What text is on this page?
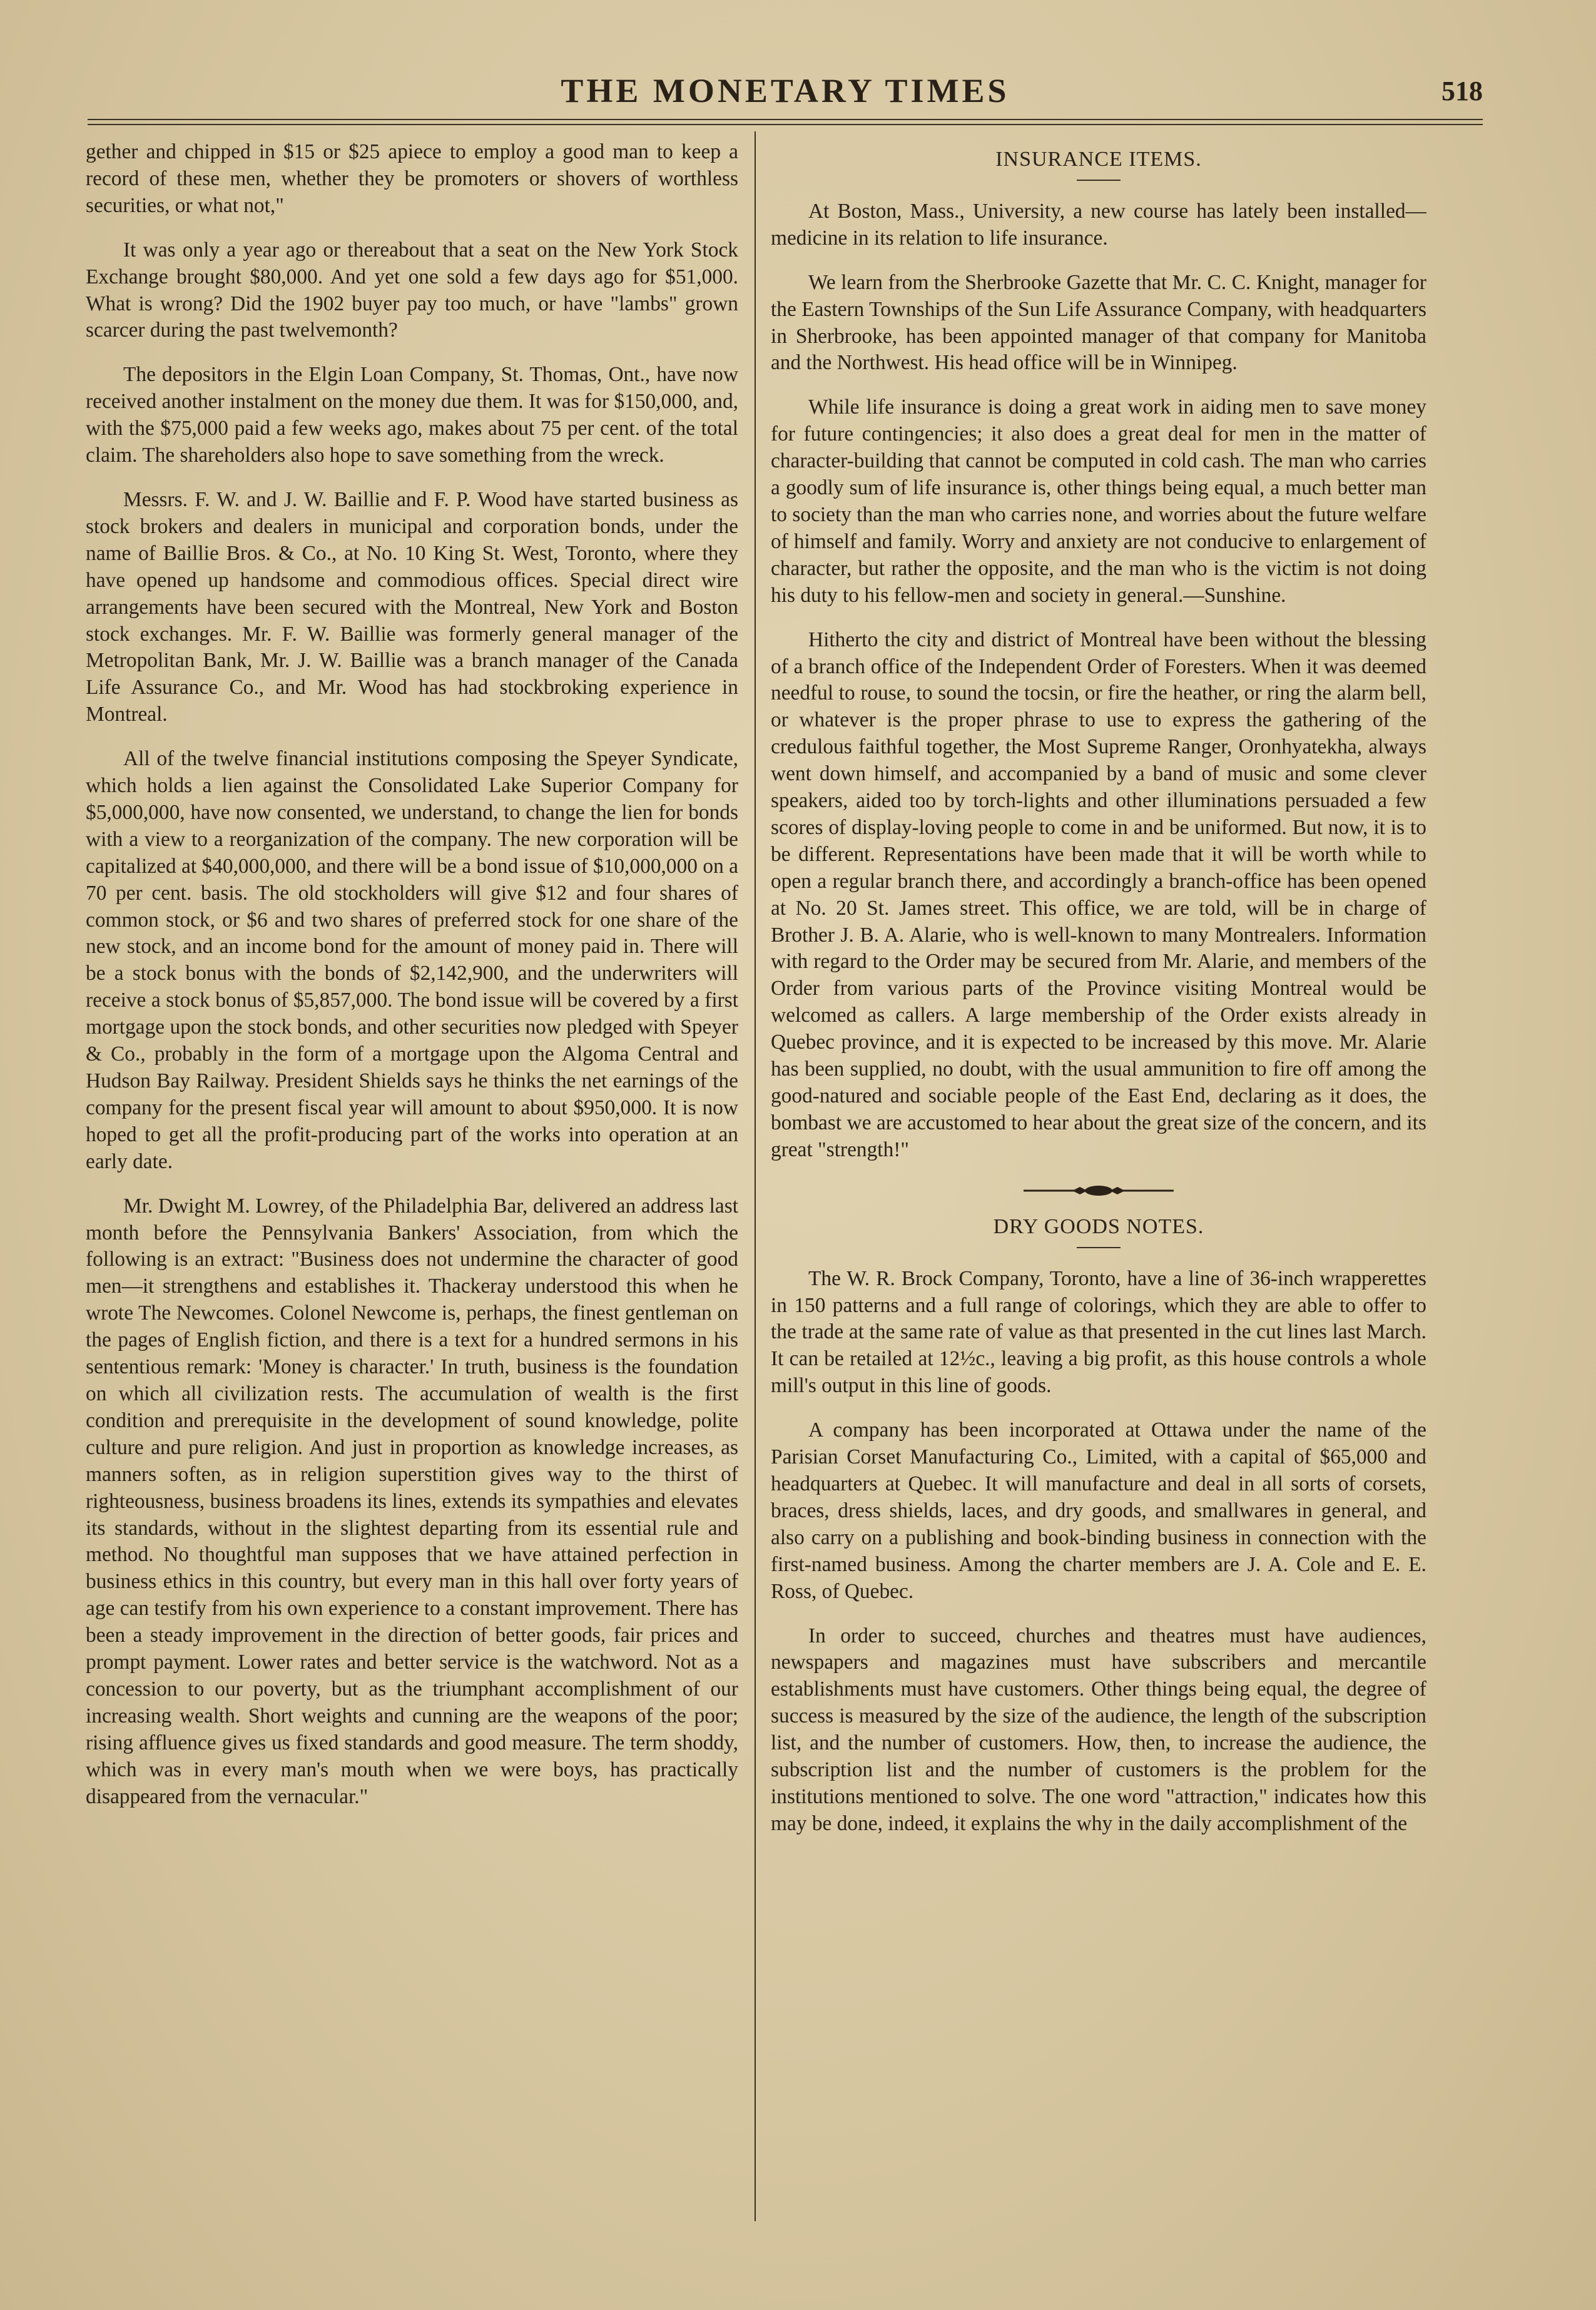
THE MONETARY TIMES	518

gether and chipped in $15 or $25 apiece to employ a good man to keep a record of these men, whether they be promoters or shovers of worthless securities, or what not,"

It was only a year ago or thereabout that a seat on the New York Stock Exchange brought $80,000. And yet one sold a few days ago for $51,000. What is wrong? Did the 1902 buyer pay too much, or have "lambs" grown scarcer during the past twelvemonth?

The depositors in the Elgin Loan Company, St. Thomas, Ont., have now received another instalment on the money due them. It was for $150,000, and, with the $75,000 paid a few weeks ago, makes about 75 per cent. of the total claim. The shareholders also hope to save something from the wreck.

Messrs. F. W. and J. W. Baillie and F. P. Wood have started business as stock brokers and dealers in municipal and corporation bonds, under the name of Baillie Bros. & Co., at No. 10 King St. West, Toronto, where they have opened up handsome and commodious offices. Special direct wire arrangements have been secured with the Montreal, New York and Boston stock exchanges. Mr. F. W. Baillie was formerly general manager of the Metropolitan Bank, Mr. J. W. Baillie was a branch manager of the Canada Life Assurance Co., and Mr. Wood has had stockbroking experience in Montreal.

All of the twelve financial institutions composing the Speyer Syndicate, which holds a lien against the Consolidated Lake Superior Company for $5,000,000, have now consented, we understand, to change the lien for bonds with a view to a reorganization of the company. The new corporation will be capitalized at $40,000,000, and there will be a bond issue of $10,000,000 on a 70 per cent. basis. The old stockholders will give $12 and four shares of common stock, or $6 and two shares of preferred stock for one share of the new stock, and an income bond for the amount of money paid in. There will be a stock bonus with the bonds of $2,142,900, and the underwriters will receive a stock bonus of $5,857,000. The bond issue will be covered by a first mortgage upon the stock bonds, and other securities now pledged with Speyer & Co., probably in the form of a mortgage upon the Algoma Central and Hudson Bay Railway. President Shields says he thinks the net earnings of the company for the present fiscal year will amount to about $950,000. It is now hoped to get all the profit-producing part of the works into operation at an early date.

Mr. Dwight M. Lowrey, of the Philadelphia Bar, delivered an address last month before the Pennsylvania Bankers' Association, from which the following is an extract: "Business does not undermine the character of good men—it strengthens and establishes it. Thackeray understood this when he wrote The Newcomes. Colonel Newcome is, perhaps, the finest gentleman on the pages of English fiction, and there is a text for a hundred sermons in his sententious remark: 'Money is character.' In truth, business is the foundation on which all civilization rests. The accumulation of wealth is the first condition and prerequisite in the development of sound knowledge, polite culture and pure religion. And just in proportion as knowledge increases, as manners soften, as in religion superstition gives way to the thirst of righteousness, business broadens its lines, extends its sympathies and elevates its standards, without in the slightest departing from its essential rule and method. No thoughtful man supposes that we have attained perfection in business ethics in this country, but every man in this hall over forty years of age can testify from his own experience to a constant improvement. There has been a steady improvement in the direction of better goods, fair prices and prompt payment. Lower rates and better service is the watchword. Not as a concession to our poverty, but as the triumphant accomplishment of our increasing wealth. Short weights and cunning are the weapons of the poor; rising affluence gives us fixed standards and good measure. The term shoddy, which was in every man's mouth when we were boys, has practically disappeared from the vernacular."

INSURANCE ITEMS.

At Boston, Mass., University, a new course has lately been installed—medicine in its relation to life insurance.

We learn from the Sherbrooke Gazette that Mr. C. C. Knight, manager for the Eastern Townships of the Sun Life Assurance Company, with headquarters in Sherbrooke, has been appointed manager of that company for Manitoba and the Northwest. His head office will be in Winnipeg.

While life insurance is doing a great work in aiding men to save money for future contingencies; it also does a great deal for men in the matter of character-building that cannot be computed in cold cash. The man who carries a goodly sum of life insurance is, other things being equal, a much better man to society than the man who carries none, and worries about the future welfare of himself and family. Worry and anxiety are not conducive to enlargement of character, but rather the opposite, and the man who is the victim is not doing his duty to his fellow-men and society in general.—Sunshine.

Hitherto the city and district of Montreal have been without the blessing of a branch office of the Independent Order of Foresters. When it was deemed needful to rouse, to sound the tocsin, or fire the heather, or ring the alarm bell, or whatever is the proper phrase to use to express the gathering of the credulous faithful together, the Most Supreme Ranger, Oronhyatekha, always went down himself, and accompanied by a band of music and some clever speakers, aided too by torch-lights and other illuminations persuaded a few scores of display-loving people to come in and be uniformed. But now, it is to be different. Representations have been made that it will be worth while to open a regular branch there, and accordingly a branch-office has been opened at No. 20 St. James street. This office, we are told, will be in charge of Brother J. B. A. Alarie, who is well-known to many Montrealers. Information with regard to the Order may be secured from Mr. Alarie, and members of the Order from various parts of the Province visiting Montreal would be welcomed as callers. A large membership of the Order exists already in Quebec province, and it is expected to be increased by this move. Mr. Alarie has been supplied, no doubt, with the usual ammunition to fire off among the good-natured and sociable people of the East End, declaring as it does, the bombast we are accustomed to hear about the great size of the concern, and its great "strength!"

DRY GOODS NOTES.

The W. R. Brock Company, Toronto, have a line of 36-inch wrapperettes in 150 patterns and a full range of colorings, which they are able to offer to the trade at the same rate of value as that presented in the cut lines last March. It can be retailed at 12½c., leaving a big profit, as this house controls a whole mill's output in this line of goods.

A company has been incorporated at Ottawa under the name of the Parisian Corset Manufacturing Co., Limited, with a capital of $65,000 and headquarters at Quebec. It will manufacture and deal in all sorts of corsets, braces, dress shields, laces, and dry goods, and smallwares in general, and also carry on a publishing and book-binding business in connection with the first-named business. Among the charter members are J. A. Cole and E. E. Ross, of Quebec.

In order to succeed, churches and theatres must have audiences, newspapers and magazines must have subscribers and mercantile establishments must have customers. Other things being equal, the degree of success is measured by the size of the audience, the length of the subscription list, and the number of customers. How, then, to increase the audience, the subscription list and the number of customers is the problem for the institutions mentioned to solve. The one word "attraction," indicates how this may be done, indeed, it explains the why in the daily accomplishment of the
